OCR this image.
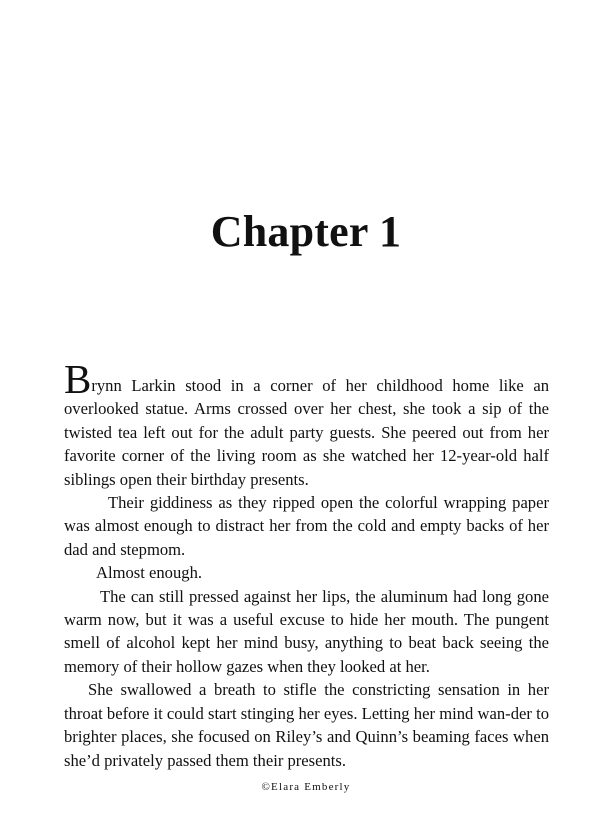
Chapter 1

Brynn Larkin stood in a corner of her childhood home like an overlooked statue. Arms crossed over her chest, she took a sip of the twisted tea left out for the adult party guests. She peered out from her favorite corner of the living room as she watched her 12-year-old half siblings open their birthday presents.

Their giddiness as they ripped open the colorful wrapping paper was almost enough to distract her from the cold and empty backs of her dad and stepmom.

Almost enough.

The can still pressed against her lips, the aluminum had long gone warm now, but it was a useful excuse to hide her mouth. The pungent smell of alcohol kept her mind busy, anything to beat back seeing the memory of their hollow gazes when they looked at her.

She swallowed a breath to stifle the constricting sensation in her throat before it could start stinging her eyes. Letting her mind wan-der to brighter places, she focused on Riley’s and Quinn’s beaming faces when she’d privately passed them their presents.

©Elara Emberly
